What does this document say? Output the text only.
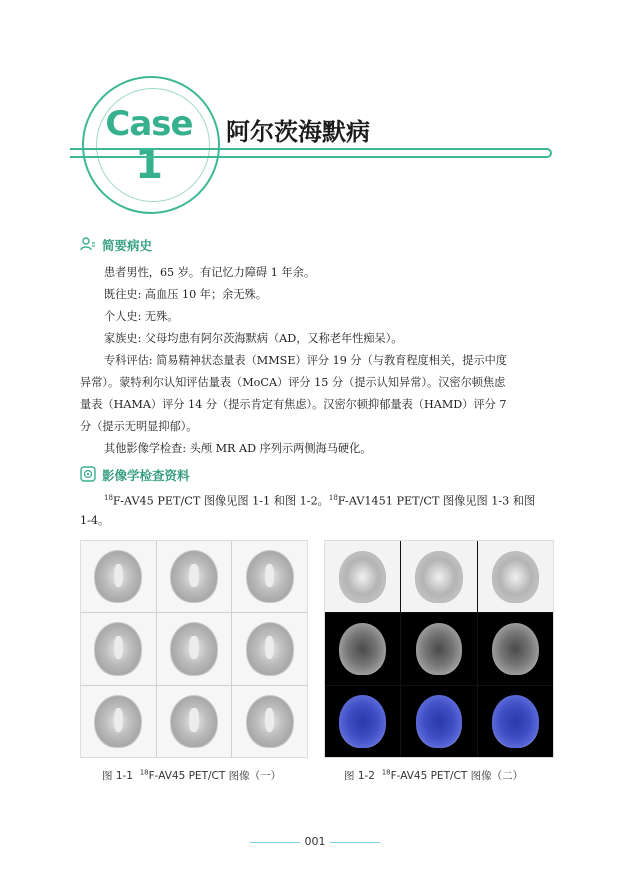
Case
1
阿尔茨海默病
简要病史
患者男性，65 岁。有记忆力障碍 1 年余。
既往史: 高血压 10 年；余无殊。
个人史: 无殊。
家族史: 父母均患有阿尔茨海默病（AD，又称老年性痴呆）。
专科评估: 简易精神状态量表（MMSE）评分 19 分（与教育程度相关，提示中度
异常）。蒙特利尔认知评估量表（MoCA）评分 15 分（提示认知异常）。汉密尔顿焦虑
量表（HAMA）评分 14 分（提示肯定有焦虑）。汉密尔顿抑郁量表（HAMD）评分 7
分（提示无明显抑郁）。
其他影像学检查: 头颅 MR AD 序列示两侧海马硬化。
影像学检查资料
$^{18}$F-AV45 PET/CT 图像见图 1-1 和图 1-2。$^{18}$F-AV1451 PET/CT 图像见图 1-3 和图
1-4。
图 1-1 $^{18}$F-AV45 PET/CT 图像（一）	图 1-2 $^{18}$F-AV45 PET/CT 图像（二）
001
